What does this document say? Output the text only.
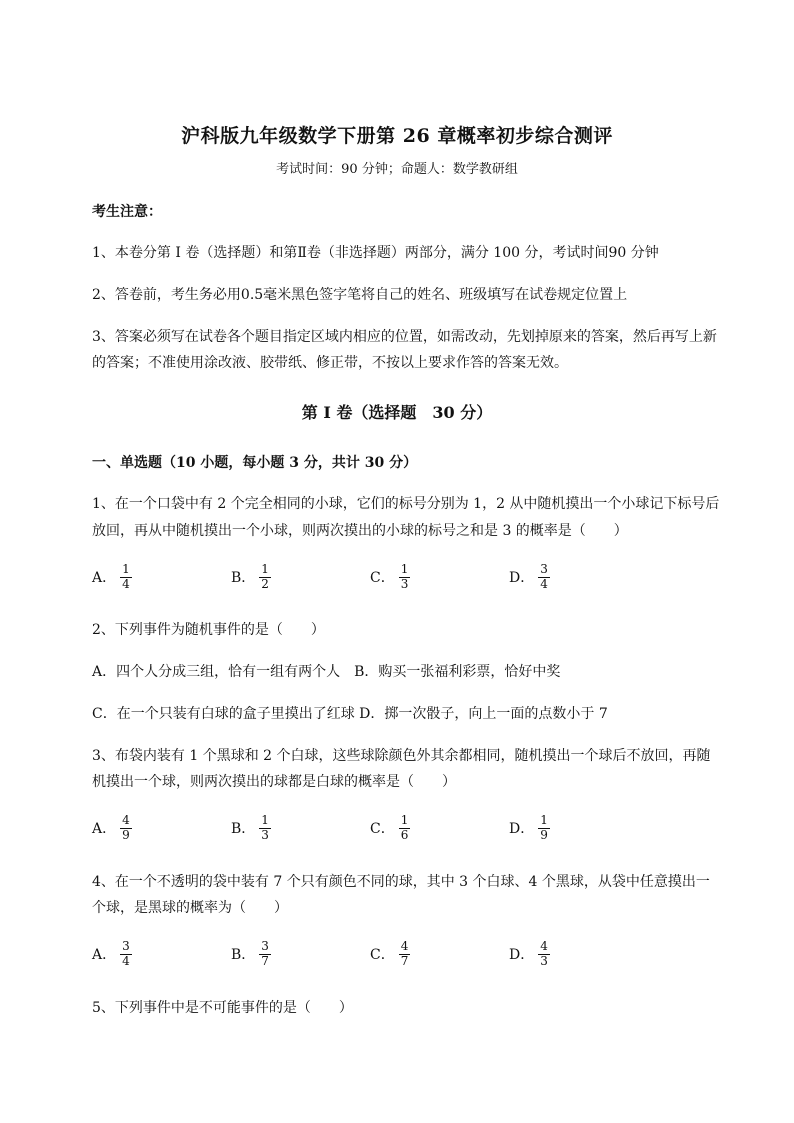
沪科版九年级数学下册第 26 章概率初步综合测评
考试时间：90 分钟；命题人：数学教研组
考生注意：
1、本卷分第 I 卷（选择题）和第Ⅱ卷（非选择题）两部分，满分 100 分，考试时间90 分钟
2、答卷前，考生务必用0.5毫米黑色签字笔将自己的姓名、班级填写在试卷规定位置上
3、答案必须写在试卷各个题目指定区域内相应的位置，如需改动，先划掉原来的答案，然后再写上新
的答案；不准使用涂改液、胶带纸、修正带，不按以上要求作答的答案无效。
第 I 卷（选择题　30 分）
一、单选题（10 小题，每小题 3 分，共计 30 分）
1、在一个口袋中有 2 个完全相同的小球，它们的标号分别为 1，2 从中随机摸出一个小球记下标号后
放回，再从中随机摸出一个小球，则两次摸出的小球的标号之和是 3 的概率是（　　）
A． $\frac{1}{4}$	B． $\frac{1}{2}$	C． $\frac{1}{3}$	D． $\frac{3}{4}$
2、下列事件为随机事件的是（　　）
A．四个人分成三组，恰有一组有两个人　B．购买一张福利彩票，恰好中奖
C．在一个只装有白球的盒子里摸出了红球 D．掷一次骰子，向上一面的点数小于 7
3、布袋内装有 1 个黑球和 2 个白球，这些球除颜色外其余都相同，随机摸出一个球后不放回，再随
机摸出一个球，则两次摸出的球都是白球的概率是（　　）
A． $\frac{4}{9}$	B． $\frac{1}{3}$	C． $\frac{1}{6}$	D． $\frac{1}{9}$
4、在一个不透明的袋中装有 7 个只有颜色不同的球，其中 3 个白球、4 个黑球，从袋中任意摸出一
个球，是黑球的概率为（　　）
A． $\frac{3}{4}$	B． $\frac{3}{7}$	C． $\frac{4}{7}$	D． $\frac{4}{3}$
5、下列事件中是不可能事件的是（　　）
